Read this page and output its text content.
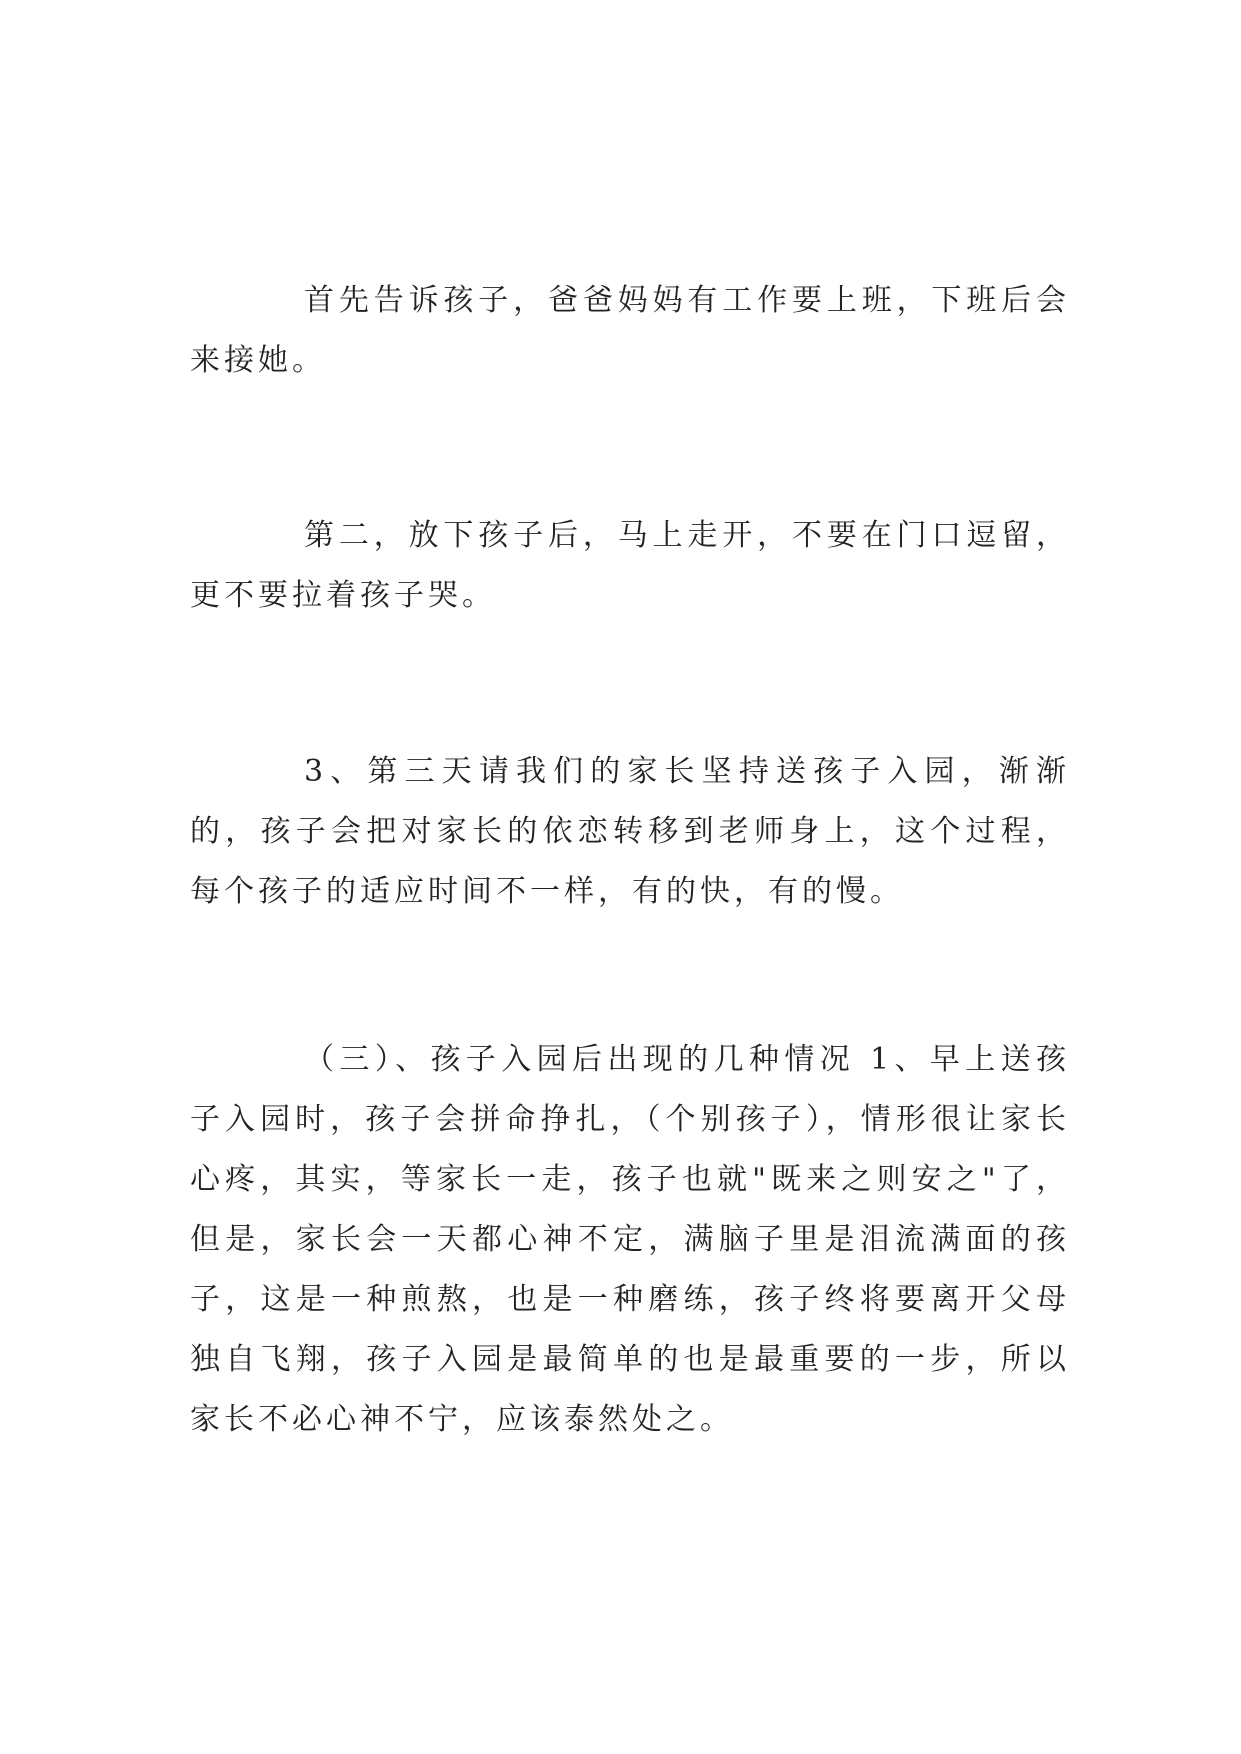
首先告诉孩子，爸爸妈妈有工作要上班，下班后会来接她。

第二，放下孩子后，马上走开，不要在门口逗留，更不要拉着孩子哭。

3、第三天请我们的家长坚持送孩子入园，渐渐的，孩子会把对家长的依恋转移到老师身上，这个过程，每个孩子的适应时间不一样，有的快，有的慢。

（三）、孩子入园后出现的几种情况 1、早上送孩子入园时，孩子会拼命挣扎，（个别孩子），情形很让家长心疼，其实，等家长一走，孩子也就"既来之则安之"了，但是，家长会一天都心神不定，满脑子里是泪流满面的孩子，这是一种煎熬，也是一种磨练，孩子终将要离开父母独自飞翔，孩子入园是最简单的也是最重要的一步，所以家长不必心神不宁，应该泰然处之。
